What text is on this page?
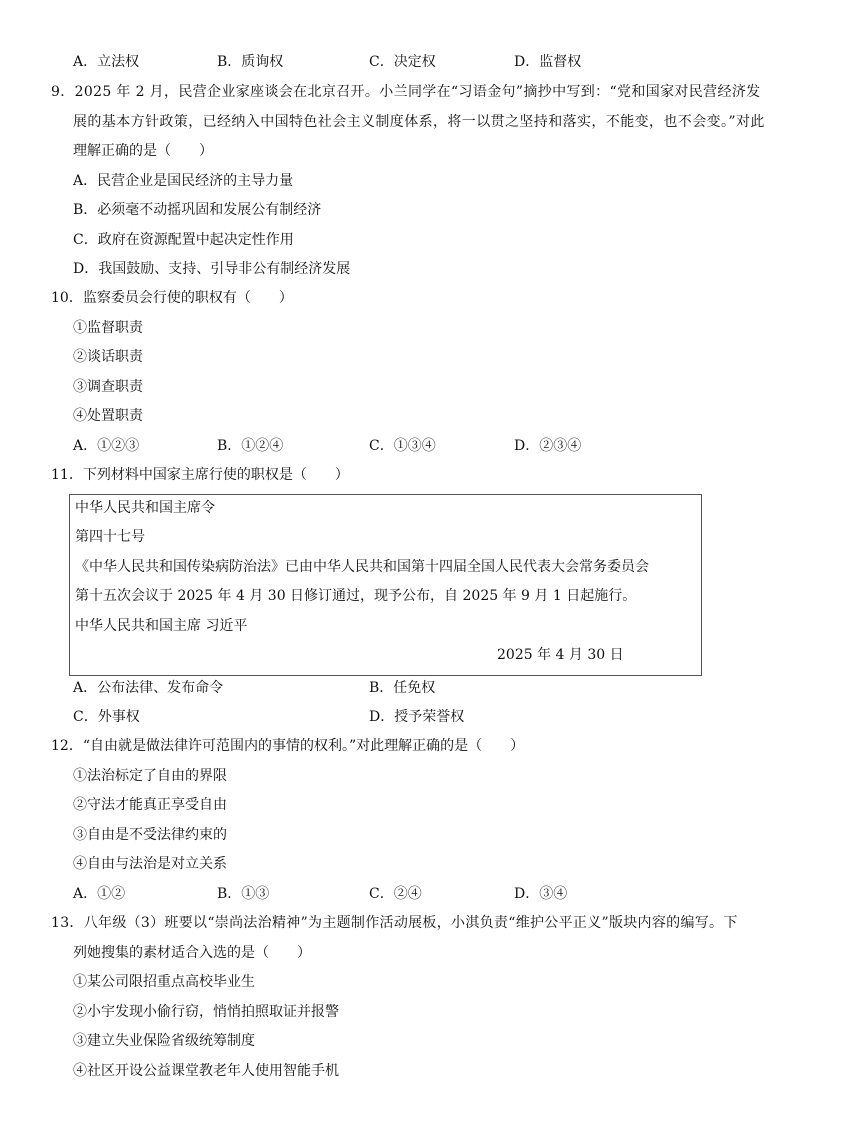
A．立法权	B．质询权	C．决定权	D．监督权
9．2025 年 2 月，民营企业家座谈会在北京召开。小兰同学在“习语金句”摘抄中写到：“党和国家对民营经济发
展的基本方针政策，已经纳入中国特色社会主义制度体系，将一以贯之坚持和落实，不能变，也不会变。”对此
理解正确的是（　　）
A．民营企业是国民经济的主导力量
B．必须毫不动摇巩固和发展公有制经济
C．政府在资源配置中起决定性作用
D．我国鼓励、支持、引导非公有制经济发展
10．监察委员会行使的职权有（　　）
①监督职责
②谈话职责
③调查职责
④处置职责
A．①②③	B．①②④	C．①③④	D．②③④
11．下列材料中国家主席行使的职权是（　　）
中华人民共和国主席令
第四十七号
《中华人民共和国传染病防治法》已由中华人民共和国第十四届全国人民代表大会常务委员会
第十五次会议于 2025 年 4 月 30 日修订通过，现予公布，自 2025 年 9 月 1 日起施行。
中华人民共和国主席 习近平
2025 年 4 月 30 日
A．公布法律、发布命令	B．任免权
C．外事权	D．授予荣誉权
12．“自由就是做法律许可范围内的事情的权利。”对此理解正确的是（　　）
①法治标定了自由的界限
②守法才能真正享受自由
③自由是不受法律约束的
④自由与法治是对立关系
A．①②	B．①③	C．②④	D．③④
13．八年级（3）班要以“崇尚法治精神”为主题制作活动展板，小淇负责“维护公平正义”版块内容的编写。下
列她搜集的素材适合入选的是（　　）
①某公司限招重点高校毕业生
②小宇发现小偷行窃，悄悄拍照取证并报警
③建立失业保险省级统筹制度
④社区开设公益课堂教老年人使用智能手机
